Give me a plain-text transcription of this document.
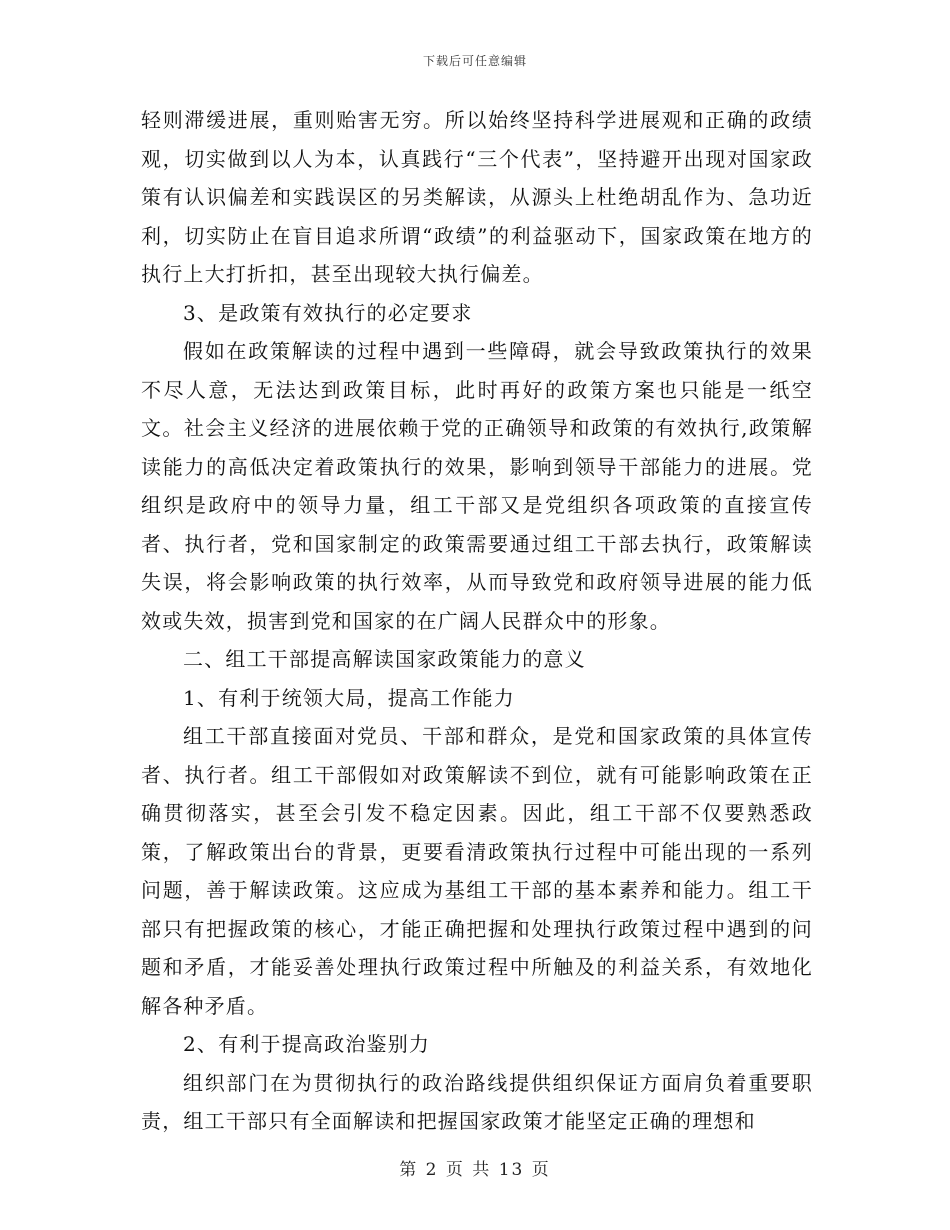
下载后可任意编辑

轻则滞缓进展，重则贻害无穷。所以始终坚持科学进展观和正确的政绩观，切实做到以人为本，认真践行“三个代表”，坚持避开出现对国家政策有认识偏差和实践误区的另类解读，从源头上杜绝胡乱作为、急功近利，切实防止在盲目追求所谓“政绩”的利益驱动下，国家政策在地方的执行上大打折扣，甚至出现较大执行偏差。

3、是政策有效执行的必定要求

假如在政策解读的过程中遇到一些障碍，就会导致政策执行的效果不尽人意，无法达到政策目标，此时再好的政策方案也只能是一纸空文。社会主义经济的进展依赖于党的正确领导和政策的有效执行,政策解读能力的高低决定着政策执行的效果，影响到领导干部能力的进展。党组织是政府中的领导力量，组工干部又是党组织各项政策的直接宣传者、执行者，党和国家制定的政策需要通过组工干部去执行，政策解读失误，将会影响政策的执行效率，从而导致党和政府领导进展的能力低效或失效，损害到党和国家的在广阔人民群众中的形象。

二、组工干部提高解读国家政策能力的意义

1、有利于统领大局，提高工作能力

组工干部直接面对党员、干部和群众，是党和国家政策的具体宣传者、执行者。组工干部假如对政策解读不到位，就有可能影响政策在正确贯彻落实，甚至会引发不稳定因素。因此，组工干部不仅要熟悉政策，了解政策出台的背景，更要看清政策执行过程中可能出现的一系列问题，善于解读政策。这应成为基组工干部的基本素养和能力。组工干部只有把握政策的核心，才能正确把握和处理执行政策过程中遇到的问题和矛盾，才能妥善处理执行政策过程中所触及的利益关系，有效地化解各种矛盾。

2、有利于提高政治鉴别力

组织部门在为贯彻执行的政治路线提供组织保证方面肩负着重要职责，组工干部只有全面解读和把握国家政策才能坚定正确的理想和

第 2 页 共 13 页
